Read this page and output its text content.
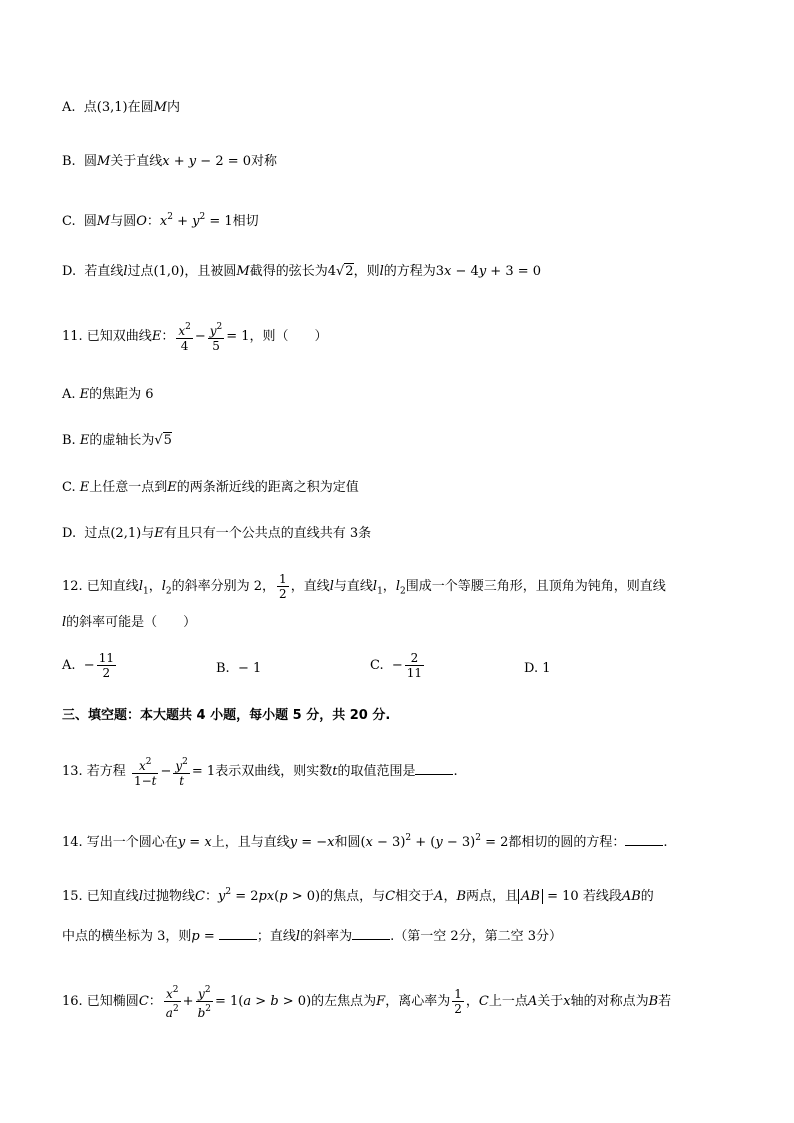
A.  点(3,1)在圆M内
B.  圆M关于直线x + y − 2 = 0对称
C.  圆M与圆O：$x^2 + y^2 = 1$相切
D.  若直线l过点(1,0)，且被圆M截得的弦长为4√2，则l的方程为3x − 4y + 3 = 0
11. 已知双曲线E： $\frac{x^2}{4} - \frac{y^2}{5} = 1$，则（　　）
A. E的焦距为 6
B. E的虚轴长为√5
C. E上任意一点到E的两条渐近线的距离之积为定值
D.  过点(2,1)与E有且只有一个公共点的直线共有 3条
12. 已知直线$l_1$，$l_2$的斜率分别为 2， $\frac{1}{2}$ ，直线l与直线$l_1$，$l_2$围成一个等腰三角形，且顶角为钝角，则直线
l的斜率可能是（　　）
A.  − $\frac{11}{2}$	B.  − 1	C.  − $\frac{2}{11}$	D. 1
三、填空题：本大题共 4 小题，每小题 5 分，共 20 分.
13. 若方程 $\frac{x^2}{1-t} - \frac{y^2}{t} = 1$表示双曲线，则实数t的取值范围是	.
14. 写出一个圆心在y = x上，且与直线y = −x和圆$(x - 3)^2 + (y - 3)^2 = 2$都相切的圆的方程：	.
15. 已知直线l过抛物线C：$y^2 = 2px(p > 0)$的焦点，与C相交于A，B两点，且 AB = 10 若线段AB的
中点的横坐标为 3，则p =	；直线l的斜率为	.（第一空 2分，第二空 3分）
16. 已知椭圆C： $\frac{x^2}{a^2} + \frac{y^2}{b^2} = 1(a > b > 0)$的左焦点为F，离心率为 $\frac{1}{2}$ ，C上一点A关于x轴的对称点为B若
